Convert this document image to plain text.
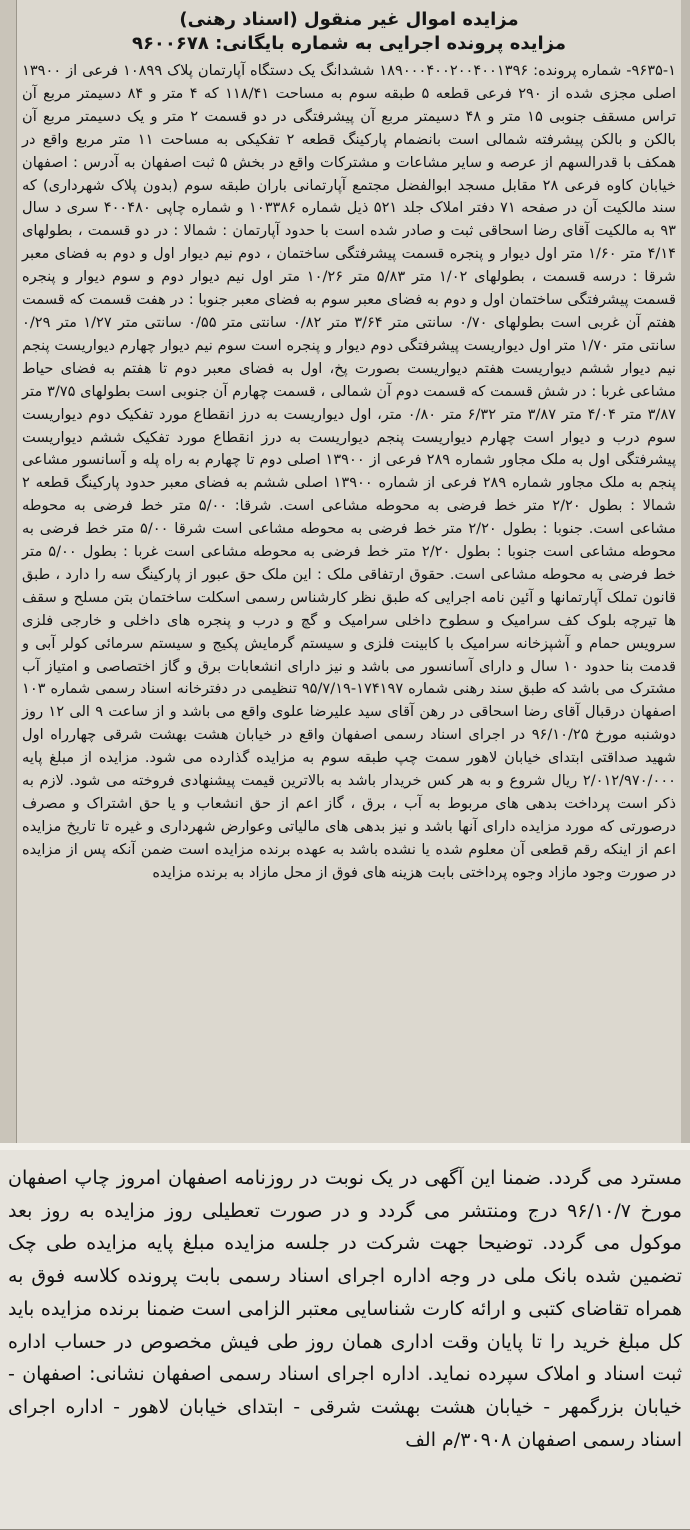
مزایده اموال غیر منقول (اسناد رهنی)

مزایده پرونده اجرایی به شماره بایگانی: ۹۶۰۰۶۷۸

۹۶۳۵-۱- شماره پرونده: ۱۸۹۰۰۰۴۰۰۲۰۰۴۰۰۱۳۹۶ ششدانگ یک دستگاه آپارتمان پلاک ۱۰۸۹۹ فرعی از ۱۳۹۰۰ اصلی مجزی شده از ۲۹۰ فرعی قطعه ۵ طبقه سوم به مساحت ۱۱۸/۴۱ که ۴ متر و ۸۴ دسیمتر مربع آن تراس مسقف جنوبی ۱۵ متر و ۴۸ دسیمتر مربع آن پیشرفتگی در دو قسمت ۲ متر و یک دسیمتر مربع آن بالکن و بالکن پیشرفته شمالی است بانضمام پارکینگ قطعه ۲ تفکیکی به مساحت ۱۱ متر مربع واقع در همکف با قدرالسهم از عرصه و سایر مشاعات و مشترکات واقع در بخش ۵ ثبت اصفهان به آدرس : اصفهان خیابان کاوه فرعی ۲۸ مقابل مسجد ابوالفضل مجتمع آپارتمانی باران طبقه سوم (بدون پلاک شهرداری) که سند مالکیت آن در صفحه ۷۱ دفتر املاک جلد ۵۲۱ ذیل شماره ۱۰۳۳۸۶ و شماره چاپی ۴۰۰۴۸۰ سری د سال ۹۳ به مالکیت آقای رضا اسحاقی ثبت و صادر شده است با حدود آپارتمان : شمالا : در دو قسمت ، بطولهای ۴/۱۴ متر ۱/۶۰ متر اول دیوار و پنجره قسمت پیشرفتگی ساختمان ، دوم نیم دیوار اول و دوم به فضای معبر شرقا : درسه قسمت ، بطولهای ۱/۰۲ متر ۵/۸۳ متر ۱۰/۲۶ متر اول نیم دیوار دوم و سوم دیوار و پنجره قسمت پیشرفتگی ساختمان اول و دوم به فضای معبر سوم به فضای معبر جنوبا : در هفت قسمت که قسمت هفتم آن غربی است بطولهای ۰/۷۰ سانتی متر ۳/۶۴ متر ۰/۸۲ سانتی متر ۰/۵۵ سانتی متر ۱/۲۷ متر ۰/۲۹ سانتی متر ۱/۷۰ متر اول دیواریست پیشرفتگی دوم دیوار و پنجره است سوم نیم دیوار چهارم دیواریست پنجم نیم دیوار ششم دیواریست هفتم دیواریست بصورت پخ، اول به فضای معبر دوم تا هفتم به فضای حیاط مشاعی غربا : در شش قسمت که قسمت دوم آن شمالی ، قسمت چهارم آن جنوبی است بطولهای ۳/۷۵ متر ۳/۸۷ متر ۴/۰۴ متر ۳/۸۷ متر ۶/۳۲ متر ۰/۸۰ متر، اول دیواریست به درز انقطاع مورد تفکیک دوم دیواریست سوم درب و دیوار است چهارم دیواریست پنجم دیواریست به درز انقطاع مورد تفکیک ششم دیواریست پیشرفتگی اول به ملک مجاور شماره ۲۸۹ فرعی از ۱۳۹۰۰ اصلی دوم تا چهارم به راه پله و آسانسور مشاعی پنجم به ملک مجاور شماره ۲۸۹ فرعی از شماره ۱۳۹۰۰ اصلی ششم به فضای معبر حدود پارکینگ قطعه ۲ شمالا : بطول ۲/۲۰ متر خط فرضی به محوطه مشاعی است. شرقا: ۵/۰۰ متر خط فرضی به محوطه مشاعی است. جنوبا : بطول ۲/۲۰ متر خط فرضی به محوطه مشاعی است شرقا ۵/۰۰ متر خط فرضی به محوطه مشاعی است جنوبا : بطول ۲/۲۰ متر خط فرضی به محوطه مشاعی است غربا : بطول ۵/۰۰ متر خط فرضی به محوطه مشاعی است. حقوق ارتفاقی ملک : این ملک حق عبور از پارکینگ سه را دارد ، طبق قانون تملک آپارتمانها و آئین نامه اجرایی که طبق نظر کارشناس رسمی اسکلت ساختمان بتن مسلح و سقف ها تیرچه بلوک کف سرامیک و سطوح داخلی سرامیک و گچ و درب و پنجره های داخلی و خارجی فلزی سرویس حمام و آشپزخانه سرامیک با کابینت فلزی و سیستم گرمایش پکیج و سیستم سرمائی کولر آبی و قدمت بنا حدود ۱۰ سال و دارای آسانسور می باشد و نیز دارای انشعابات برق و گاز اختصاصی و امتیاز آب مشترک می باشد که طبق سند رهنی شماره ۱۷۴۱۹۷-۹۵/۷/۱۹ تنظیمی در دفترخانه اسناد رسمی شماره ۱۰۳ اصفهان درقبال آقای رضا اسحاقی در رهن آقای سید علیرضا علوی واقع می باشد و از ساعت ۹ الی ۱۲ روز دوشنبه مورخ ۹۶/۱۰/۲۵ در اجرای اسناد رسمی اصفهان واقع در خیابان هشت بهشت شرقی چهارراه اول شهید صداقتی ابتدای خیابان لاهور سمت چپ طبقه سوم به مزایده گذارده می شود. مزایده از مبلغ پایه ۲/۰۱۲/۹۷۰/۰۰۰ ریال شروع و به هر کس خریدار باشد به بالاترین قیمت پیشنهادی فروخته می شود. لازم به ذکر است پرداخت بدهی های مربوط به آب ، برق ، گاز اعم از حق انشعاب و یا حق اشتراک و مصرف درصورتی که مورد مزایده دارای آنها باشد و نیز بدهی های مالیاتی وعوارض شهرداری و غیره تا تاریخ مزایده اعم از اینکه رقم قطعی آن معلوم شده یا نشده باشد به عهده برنده مزایده است ضمن آنکه پس از مزایده در صورت وجود مازاد وجوه پرداختی بابت هزینه های فوق از محل مازاد به برنده مزایده

مسترد می گردد. ضمنا این آگهی در یک نوبت در روزنامه اصفهان امروز چاپ اصفهان مورخ ۹۶/۱۰/۷ درج ومنتشر می گردد و در صورت تعطیلی روز مزایده به روز بعد موکول می گردد. توضیحا جهت شرکت در جلسه مزایده مبلغ پایه مزایده طی چک تضمین شده بانک ملی در وجه اداره اجرای اسناد رسمی بابت پرونده کلاسه فوق به همراه تقاضای کتبی و ارائه کارت شناسایی معتبر الزامی است ضمنا برنده مزایده باید کل مبلغ خرید را تا پایان وقت اداری همان روز طی فیش مخصوص در حساب اداره ثبت اسناد و املاک سپرده نماید. اداره اجرای اسناد رسمی اصفهان نشانی: اصفهان - خیابان بزرگمهر - خیابان هشت بهشت شرقی - ابتدای خیابان لاهور - اداره اجرای اسناد رسمی اصفهان ۳۰۹۰۸/م الف
